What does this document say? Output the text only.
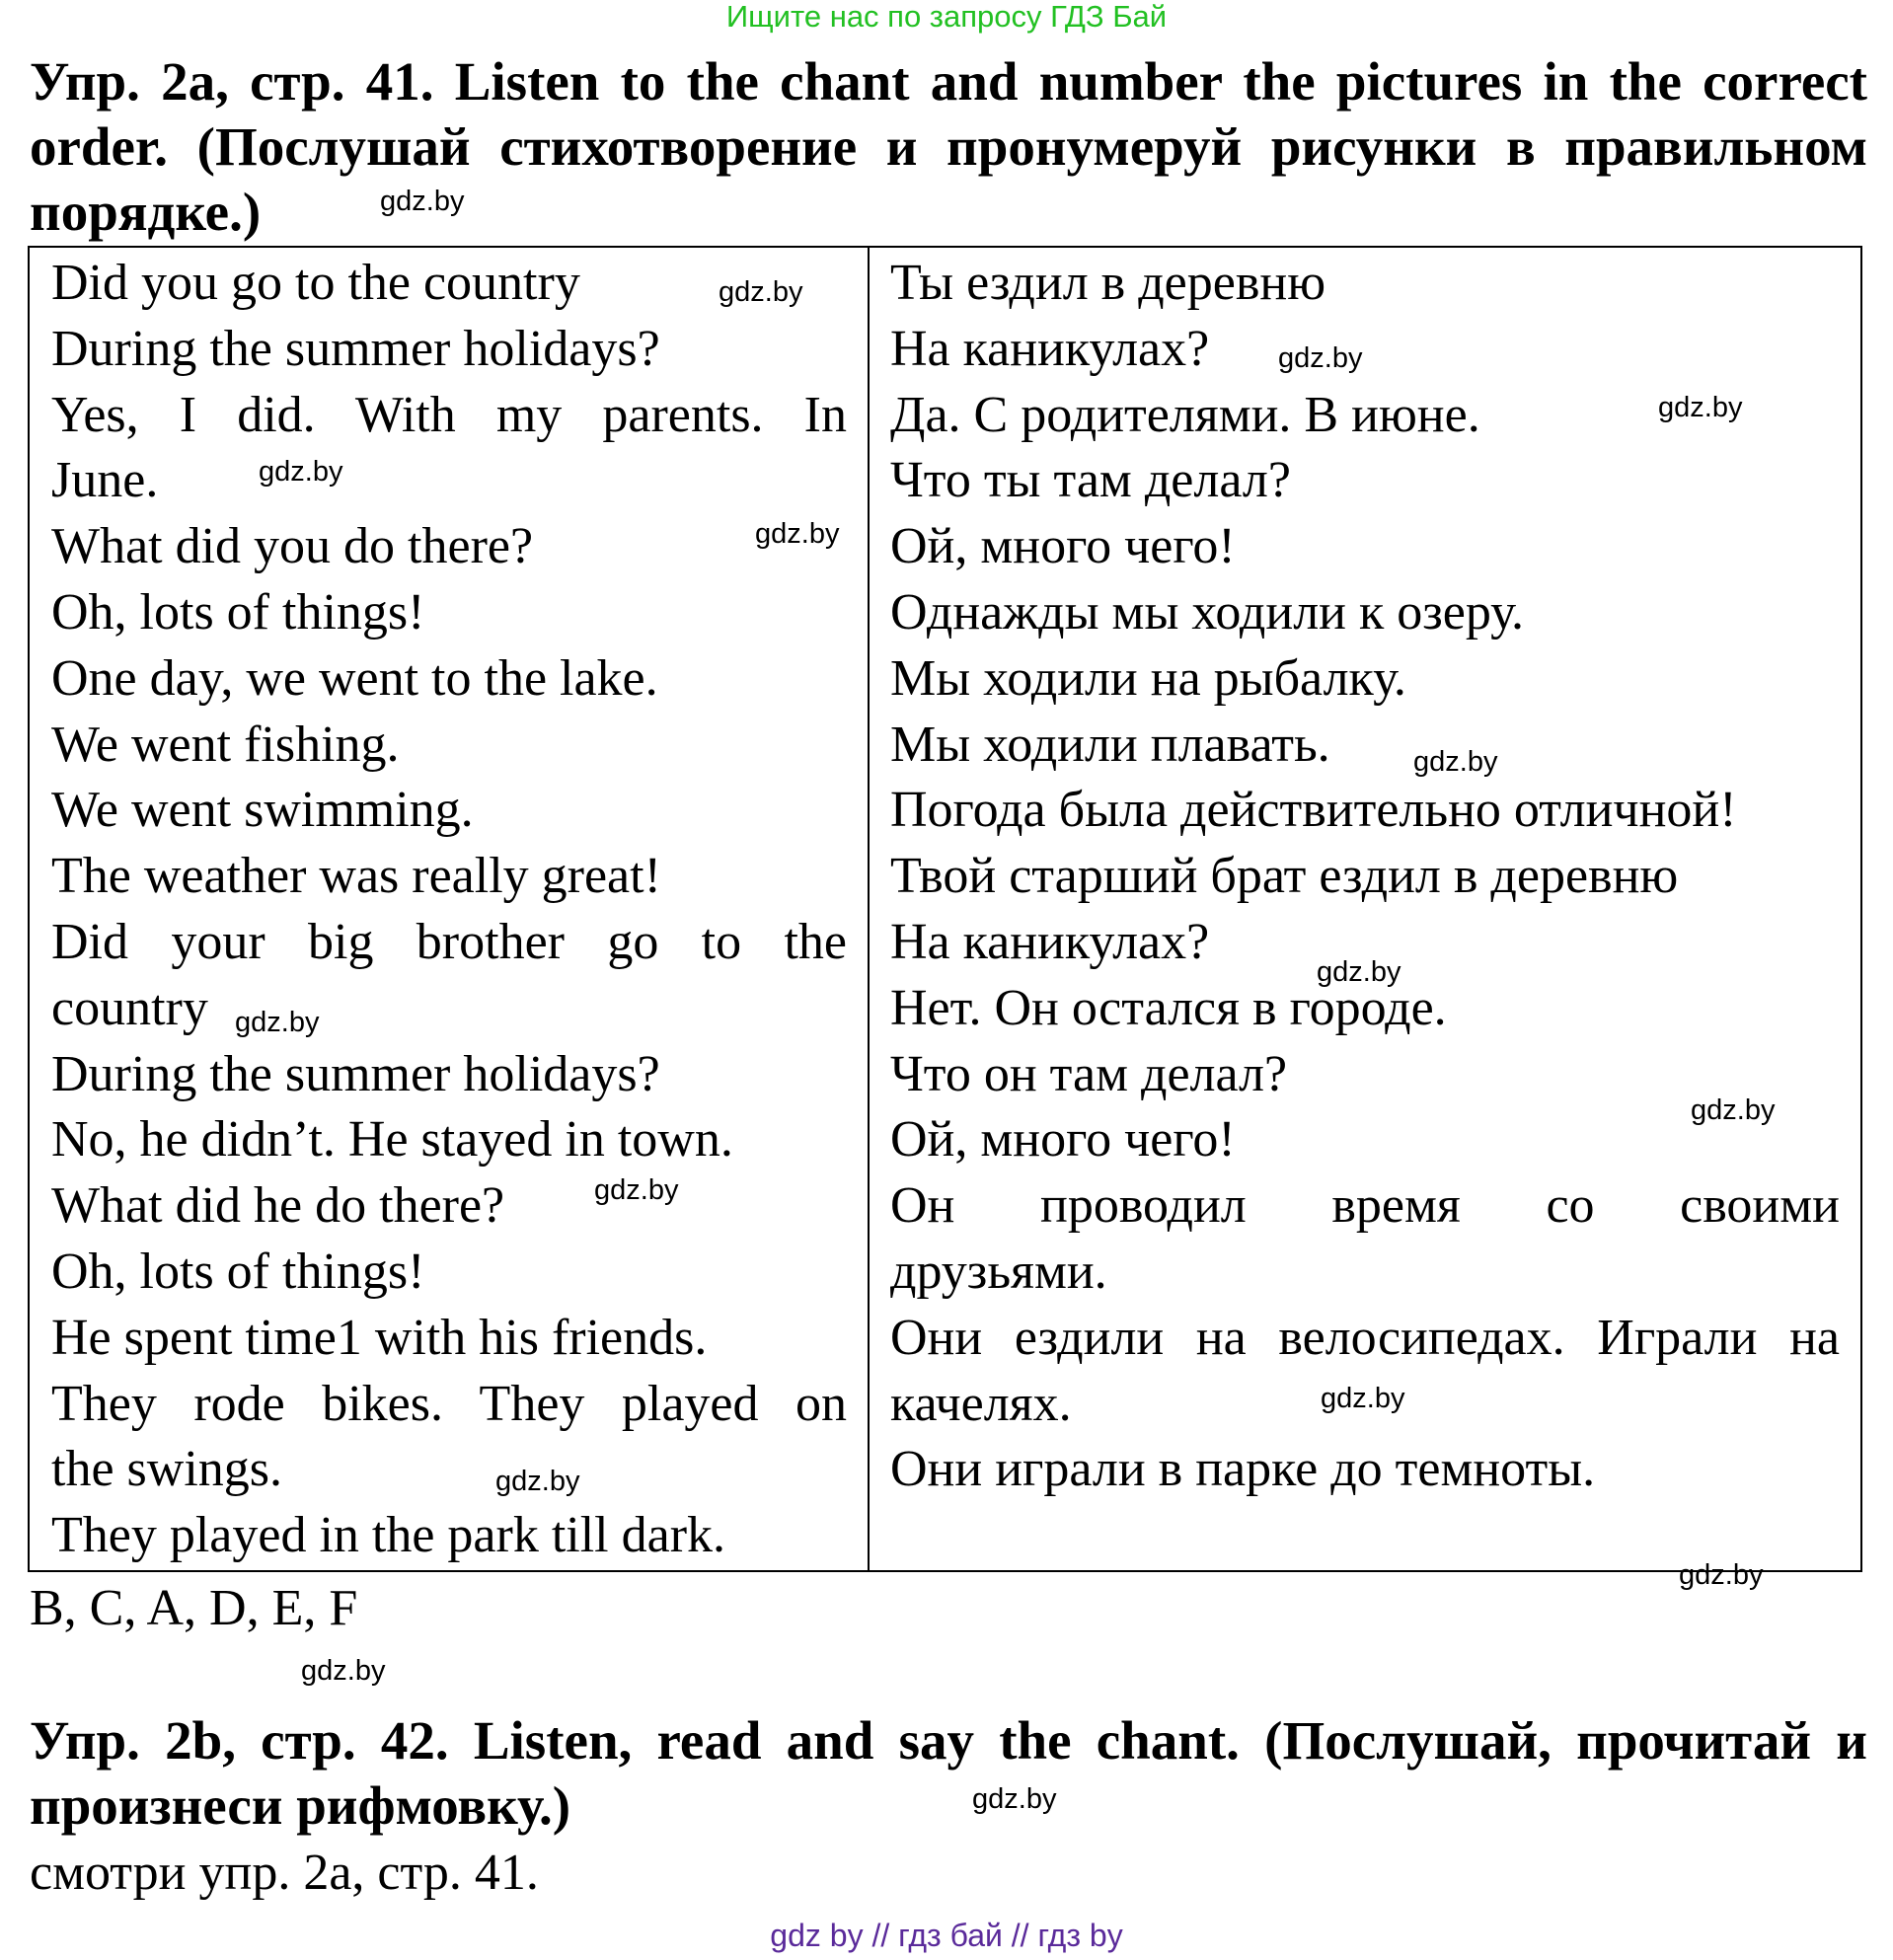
Ищите нас по запросу ГДЗ Бай
Упр. 2a, стр. 41. Listen to the chant and number the pictures in the correct
order. (Послушай стихотворение и пронумеруй рисунки в правильном
порядке.)
Did you go to the country
During the summer holidays?
Yes, I did. With my parents. In
June.
What did you do there?
Oh, lots of things!
One day, we went to the lake.
We went fishing.
We went swimming.
The weather was really great!
Did your big brother go to the
country
During the summer holidays?
No, he didn’t. He stayed in town.
What did he do there?
Oh, lots of things!
He spent time1 with his friends.
They rode bikes. They played on
the swings.
They played in the park till dark.
Ты ездил в деревню
На каникулах?
Да. С родителями. В июне.
Что ты там делал?
Ой, много чего!
Однажды мы ходили к озеру.
Мы ходили на рыбалку.
Мы ходили плавать.
Погода была действительно отличной!
Твой старший брат ездил в деревню
На каникулах?
Нет. Он остался в городе.
Что он там делал?
Ой, много чего!
Он проводил время со своими
друзьями.
Они ездили на велосипедах. Играли на
качелях.
Они играли в парке до темноты.
B, C, A, D, E, F
Упр. 2b, стр. 42. Listen, read and say the chant. (Послушай, прочитай и
произнеси рифмовку.)
смотри упр. 2а, стр. 41.
gdz.by
gdz.by
gdz.by
gdz.by
gdz.by
gdz.by
gdz.by
gdz.by
gdz.by
gdz.by
gdz.by
gdz.by
gdz.by
gdz.by
gdz.by
gdz.by
gdz by // гдз бай // гдз by
